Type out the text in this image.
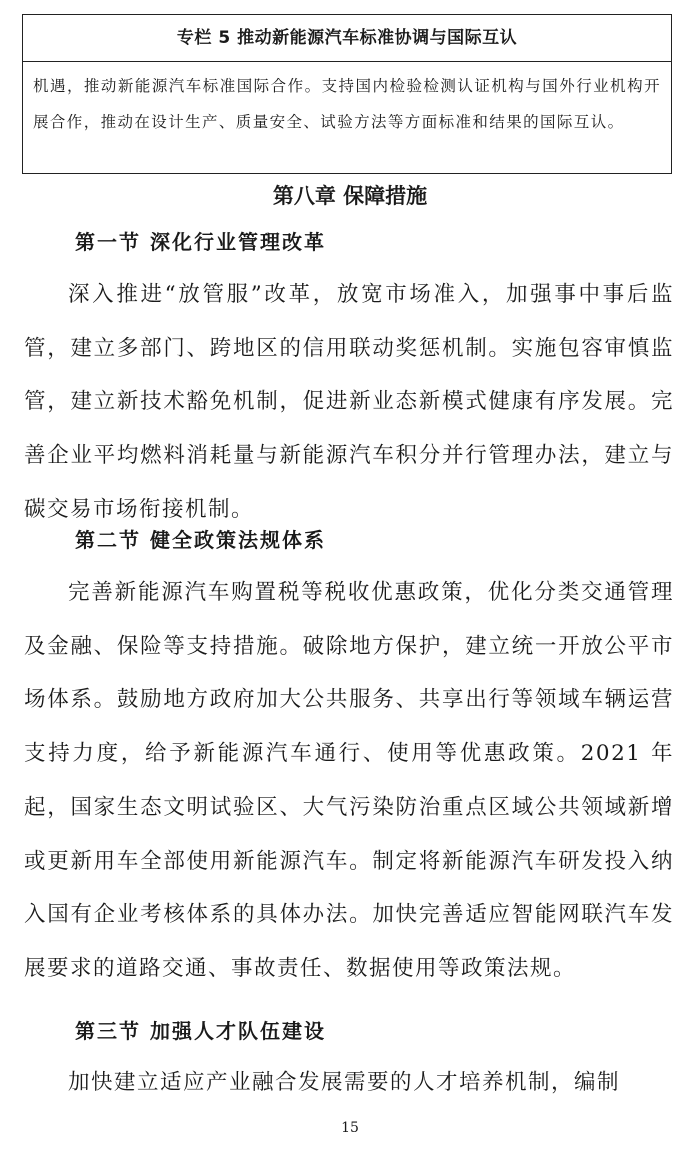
专栏 5 推动新能源汽车标准协调与国际互认
机遇，推动新能源汽车标准国际合作。支持国内检验检测认证机构与国外行业机构开展合作，推动在设计生产、质量安全、试验方法等方面标准和结果的国际互认。
第八章 保障措施
第一节 深化行业管理改革
深入推进“放管服”改革，放宽市场准入，加强事中事后监管，建立多部门、跨地区的信用联动奖惩机制。实施包容审慎监管，建立新技术豁免机制，促进新业态新模式健康有序发展。完善企业平均燃料消耗量与新能源汽车积分并行管理办法，建立与碳交易市场衔接机制。
第二节 健全政策法规体系
完善新能源汽车购置税等税收优惠政策，优化分类交通管理及金融、保险等支持措施。破除地方保护，建立统一开放公平市场体系。鼓励地方政府加大公共服务、共享出行等领域车辆运营支持力度，给予新能源汽车通行、使用等优惠政策。2021 年起，国家生态文明试验区、大气污染防治重点区域公共领域新增或更新用车全部使用新能源汽车。制定将新能源汽车研发投入纳入国有企业考核体系的具体办法。加快完善适应智能网联汽车发展要求的道路交通、事故责任、数据使用等政策法规。
第三节 加强人才队伍建设
加快建立适应产业融合发展需要的人才培养机制，编制
15
